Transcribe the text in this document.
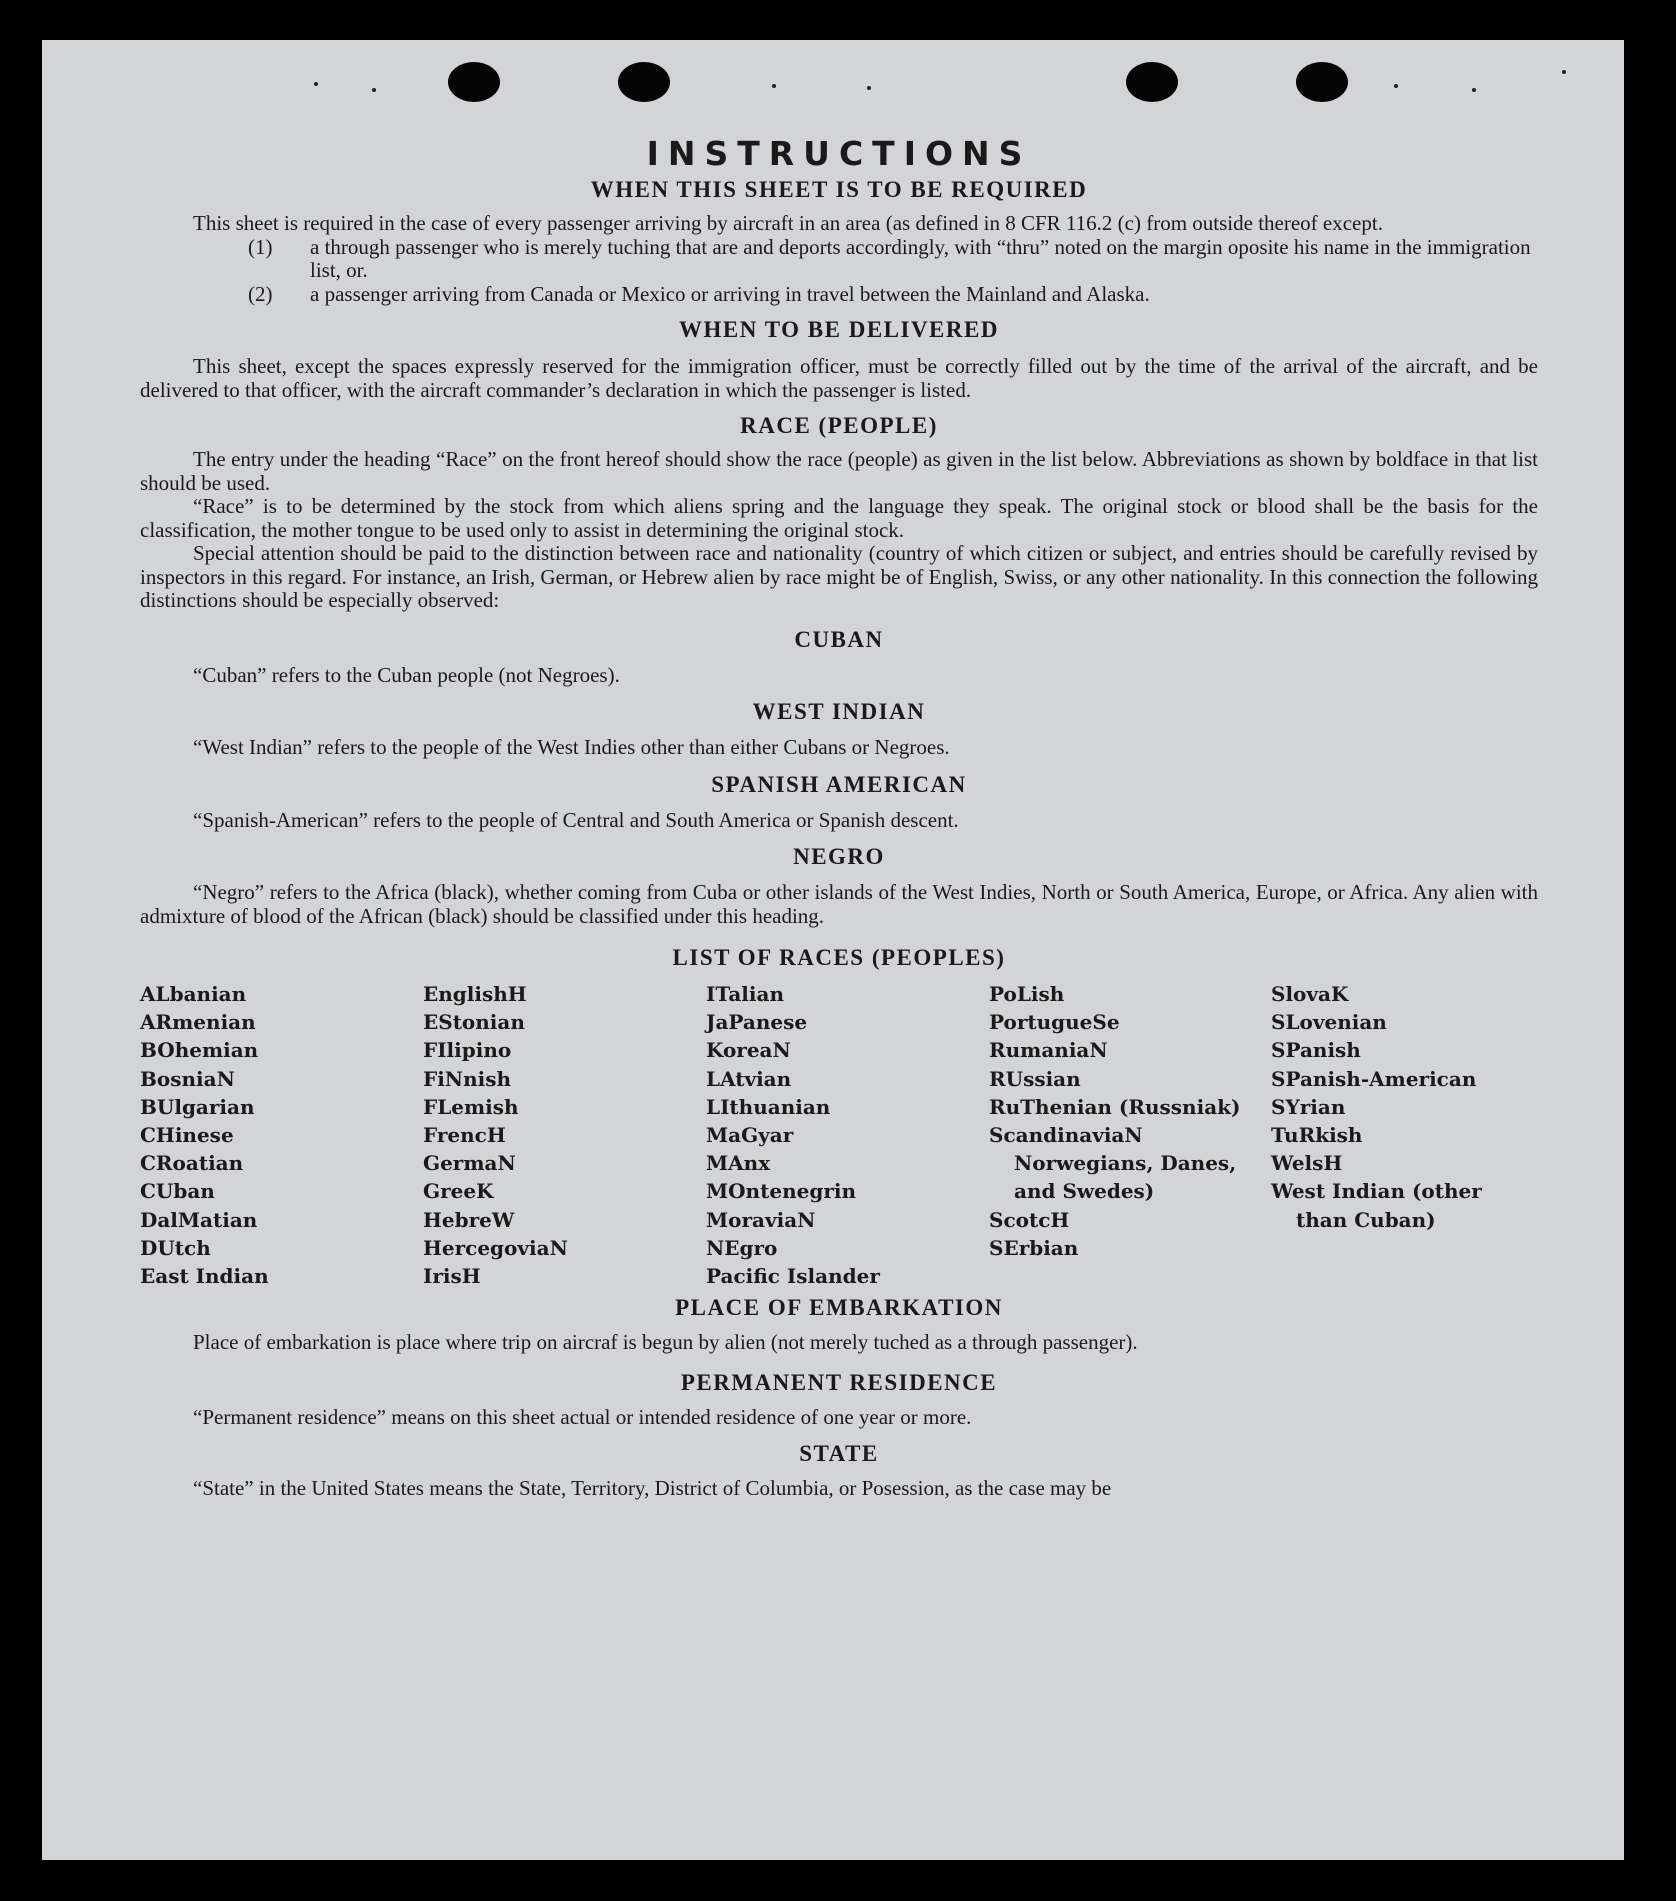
INSTRUCTIONS
WHEN THIS SHEET IS TO BE REQUIRED

This sheet is required in the case of every passenger arriving by aircraft in an area (as defined in 8 CFR 116.2 (c) from outside thereof except.

(1) a through passenger who is merely tuching that are and deports accordingly, with “thru” noted on the margin oposite his name in the immigration list, or.

(2) a passenger arriving from Canada or Mexico or arriving in travel between the Mainland and Alaska.

WHEN TO BE DELIVERED

This sheet, except the spaces expressly reserved for the immigration officer, must be correctly filled out by the time of the arrival of the aircraft, and be delivered to that officer, with the aircraft commander’s declaration in which the passenger is listed.

RACE (PEOPLE)

The entry under the heading “Race” on the front hereof should show the race (people) as given in the list below. Abbreviations as shown by boldface in that list should be used.

“Race” is to be determined by the stock from which aliens spring and the language they speak. The original stock or blood shall be the basis for the classification, the mother tongue to be used only to assist in determining the original stock.

Special attention should be paid to the distinction between race and nationality (country of which citizen or subject, and entries should be carefully revised by inspectors in this regard. For instance, an Irish, German, or Hebrew alien by race might be of English, Swiss, or any other nationality. In this connection the following distinctions should be especially observed:

CUBAN

“Cuban” refers to the Cuban people (not Negroes).

WEST INDIAN

“West Indian” refers to the people of the West Indies other than either Cubans or Negroes.

SPANISH AMERICAN

“Spanish-American” refers to the people of Central and South America or Spanish descent.

NEGRO

“Negro” refers to the Africa (black), whether coming from Cuba or other islands of the West Indies, North or South America, Europe, or Africa. Any alien with admixture of blood of the African (black) should be classified under this heading.

LIST OF RACES (PEOPLES)
ALbanian
ARmenian
BOhemian
BosniaN
BUlgarian
CHinese
CRoatian
CUban
DalMatian
DUtch
East Indian
EnglishH
EStonian
FIlipino
FiNnish
FLemish
FrencH
GermaN
GreeK
HebreW
HercegoviaN
IrisH
ITalian
JaPanese
KoreaN
LAtvian
LIthuanian
MaGyar
MAnx
MOntenegrin
MoraviaN
NEgro
Pacific Islander
PoLish
PortugueSe
RumaniaN
RUssian
RuThenian (Russniak)
ScandinaviaN Norwegians, Danes, and Swedes)
ScotcH
SErbian
SlovaK
SLovenian
SPanish
SPanish-American
SYrian
TuRkish
WelsH
West Indian (other than Cuban)
PLACE OF EMBARKATION

Place of embarkation is place where trip on aircraf is begun by alien (not merely tuched as a through passenger).

PERMANENT RESIDENCE

“Permanent residence” means on this sheet actual or intended residence of one year or more.

STATE

“State” in the United States means the State, Territory, District of Columbia, or Posession, as the case may be
